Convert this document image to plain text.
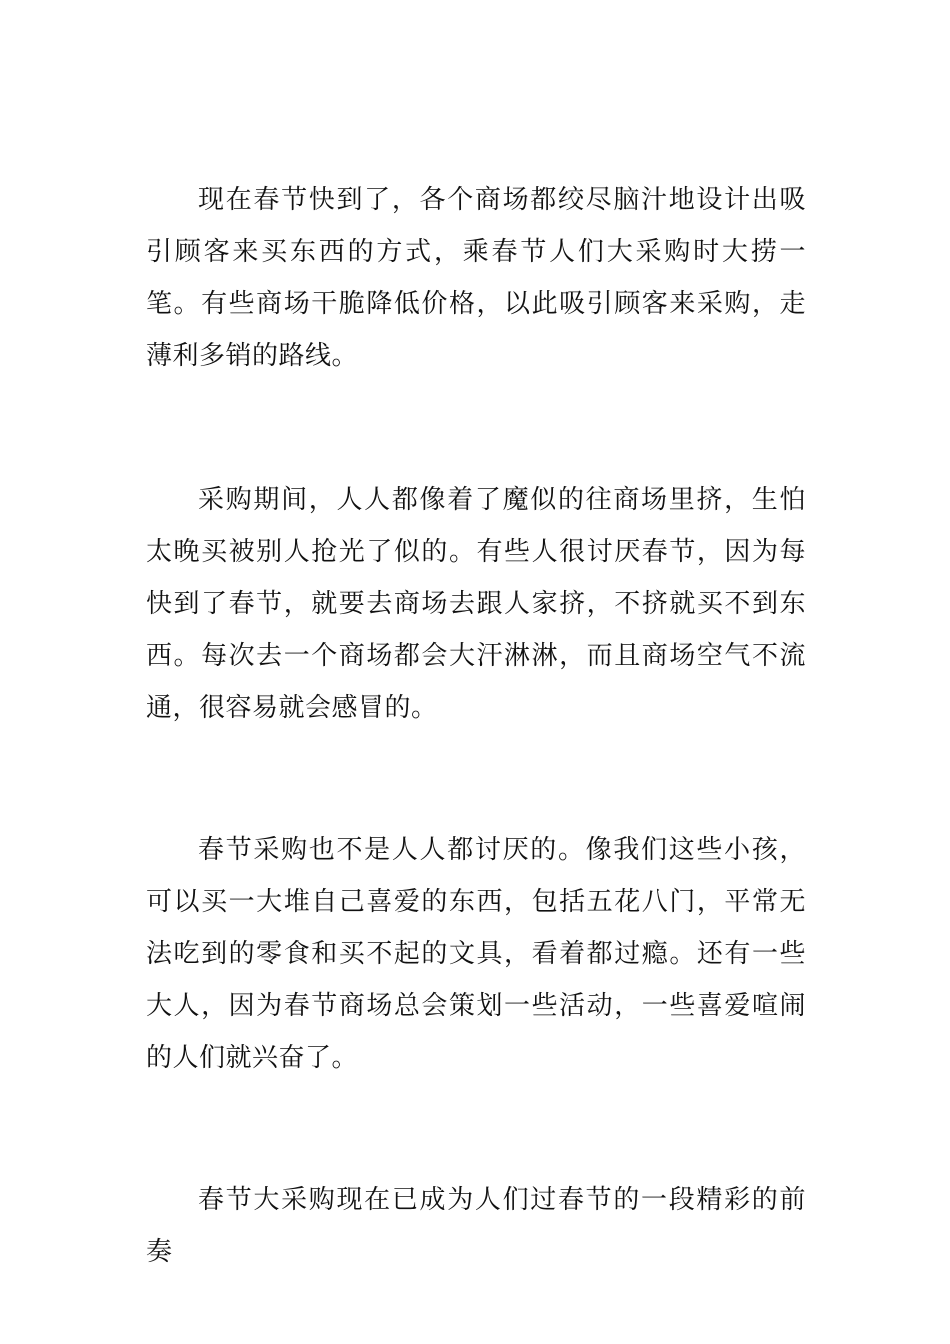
现在春节快到了，各个商场都绞尽脑汁地设计出吸引顾客来买东西的方式，乘春节人们大采购时大捞一笔。有些商场干脆降低价格，以此吸引顾客来采购，走薄利多销的路线。

采购期间，人人都像着了魔似的往商场里挤，生怕太晚买被别人抢光了似的。有些人很讨厌春节，因为每快到了春节，就要去商场去跟人家挤，不挤就买不到东西。每次去一个商场都会大汗淋淋，而且商场空气不流通，很容易就会感冒的。

春节采购也不是人人都讨厌的。像我们这些小孩，可以买一大堆自己喜爱的东西，包括五花八门，平常无法吃到的零食和买不起的文具，看着都过瘾。还有一些大人，因为春节商场总会策划一些活动，一些喜爱喧闹的人们就兴奋了。

春节大采购现在已成为人们过春节的一段精彩的前奏
